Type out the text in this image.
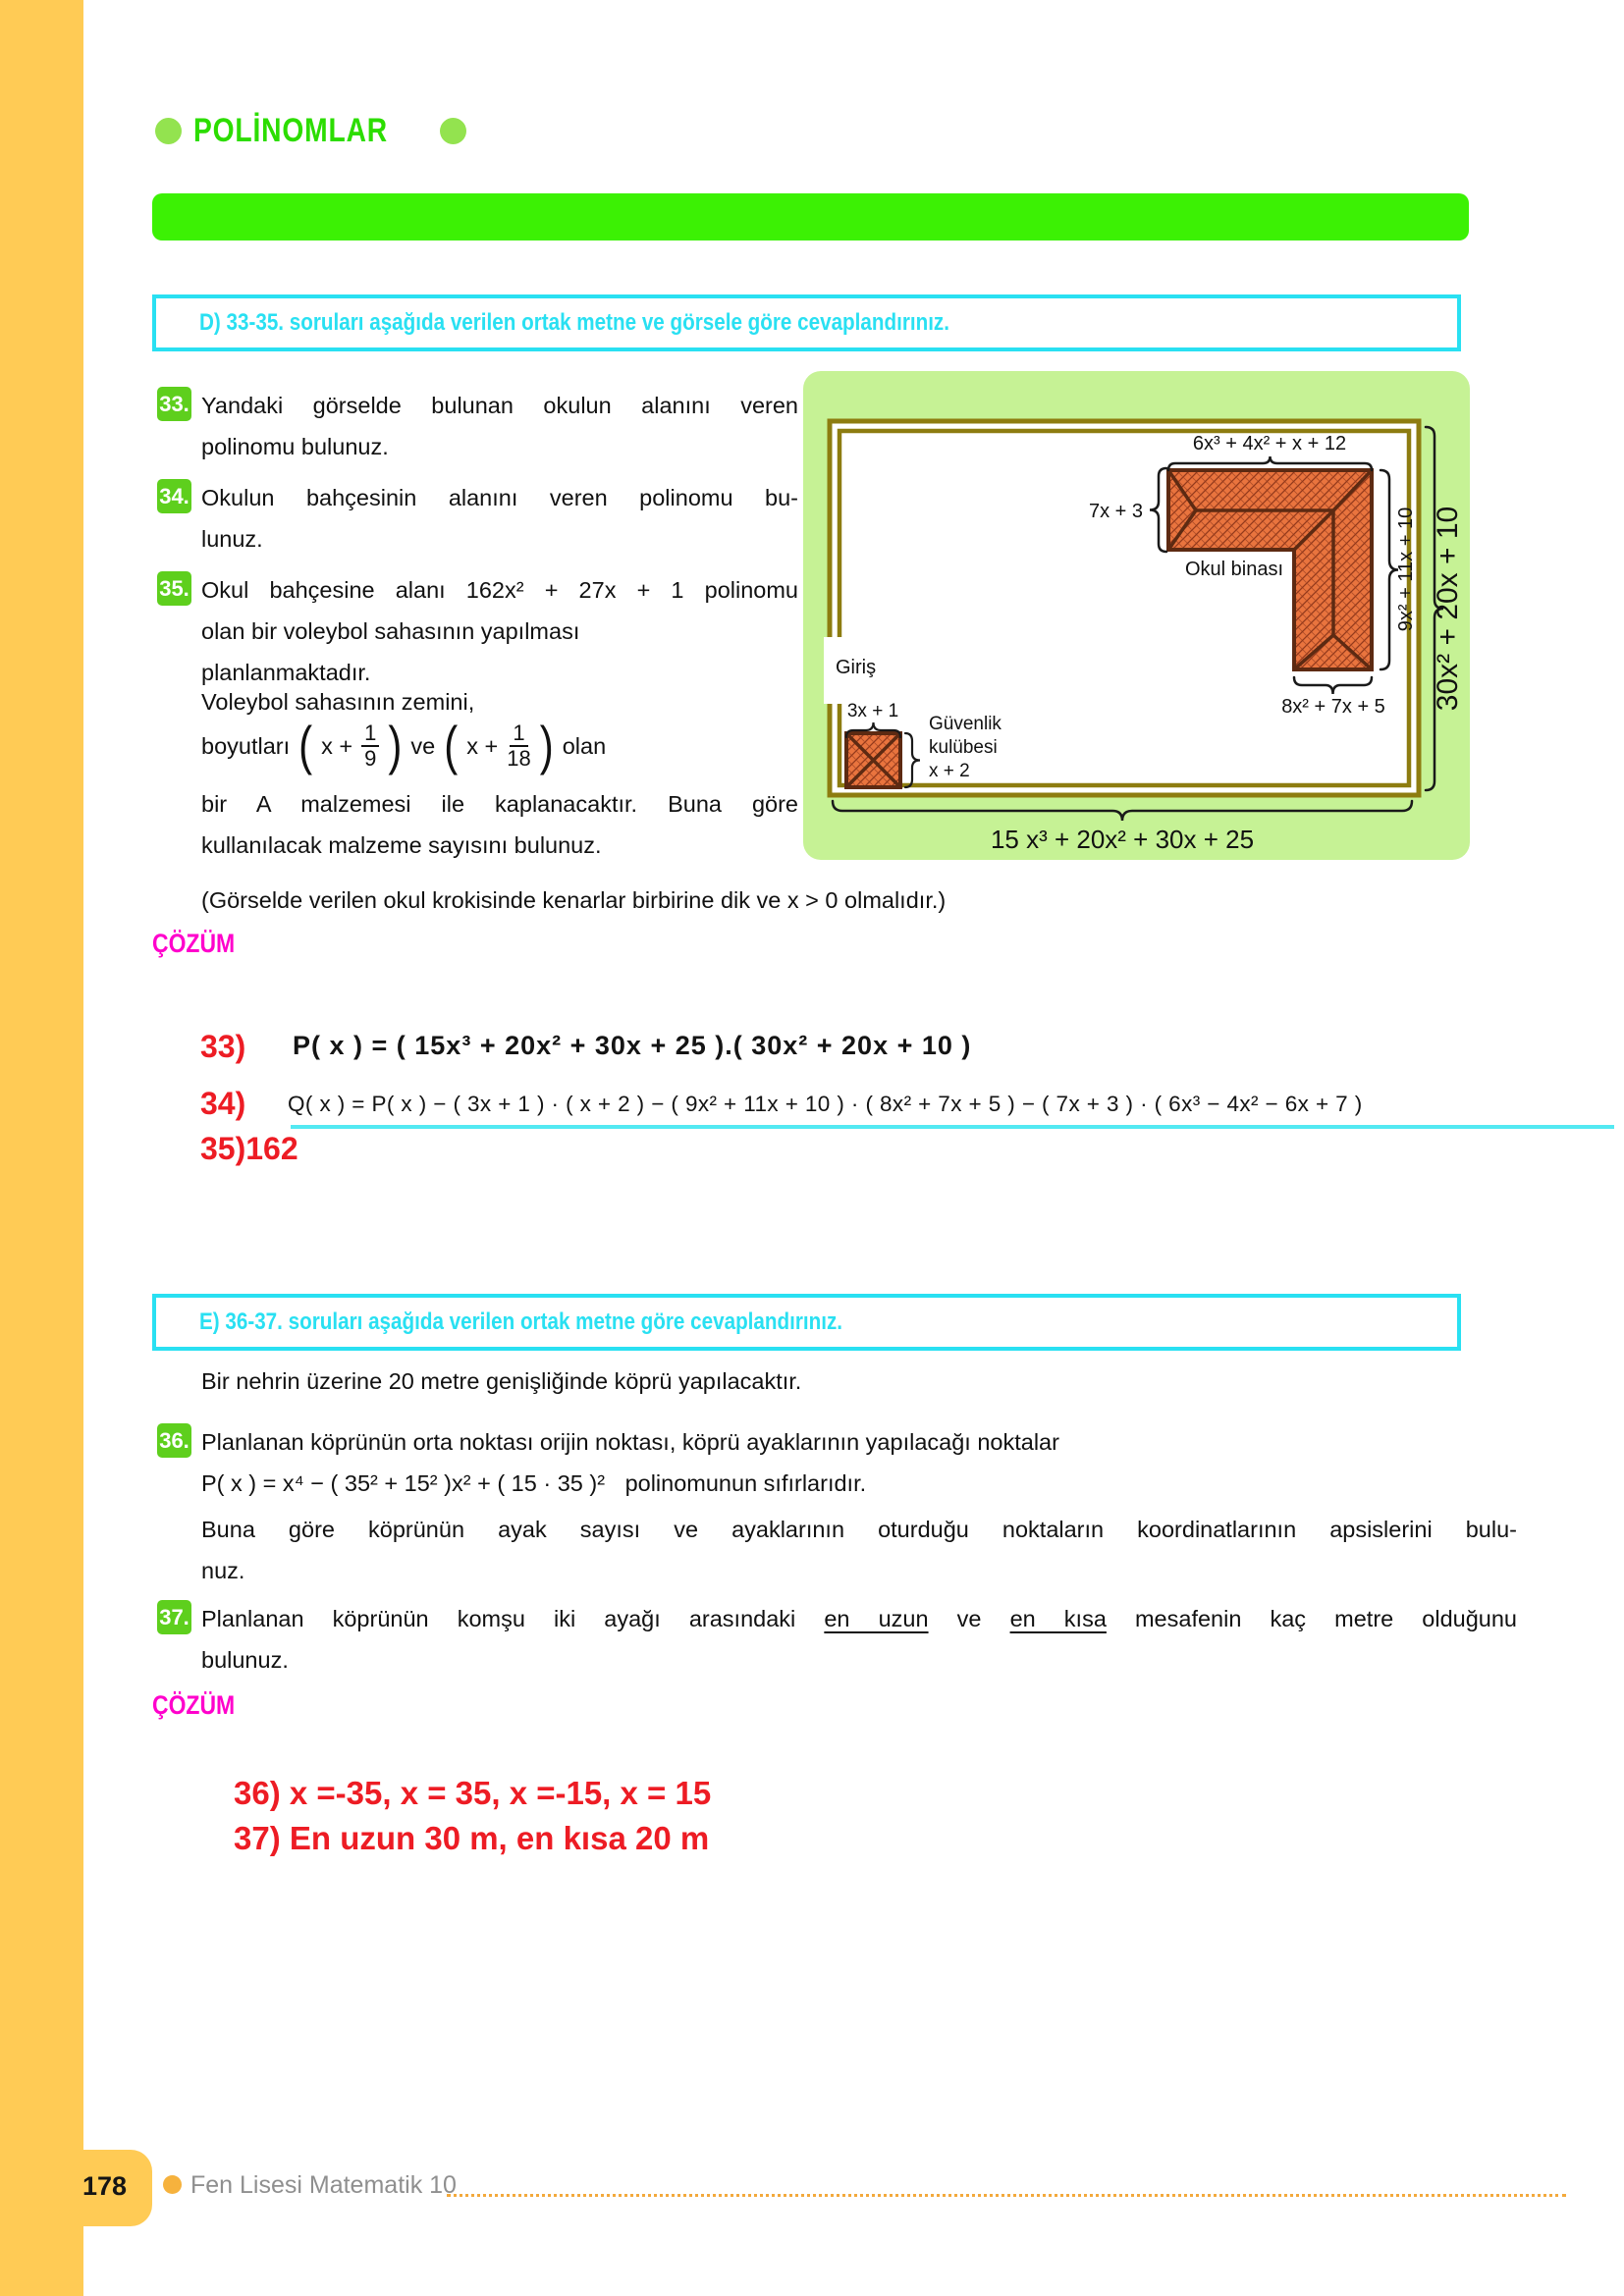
POLİNOMLAR
D) 33-35. soruları aşağıda verilen ortak metne ve görsele göre cevaplandırınız.
33. Yandaki görselde bulunan okulun alanını veren
polinomu bulunuz.
34. Okulun bahçesinin alanını veren polinomu bu-
lunuz.
35. Okul bahçesine alanı 162x² + 27x + 1 polinomu
olan bir voleybol sahasının yapılması
planlanmaktadır.
Voleybol sahasının zemini,
boyutları ( $x + \frac{1}{9}$ ) ve ( $x + \frac{1}{18}$ ) olan
bir A malzemesi ile kaplanacaktır. Buna göre
kullanılacak malzeme sayısını bulunuz.
(Görselde verilen okul krokisinde kenarlar birbirine dik ve x > 0 olmalıdır.)
ÇÖZÜM
33) P( x ) = ( 15x³ + 20x² + 30x + 25 ).( 30x² + 20x + 10 )
34) Q( x ) = P( x ) − ( 3x + 1 ) · ( x + 2 ) − ( 9x² + 11x + 10 ) · ( 8x² + 7x + 5 ) − ( 7x + 3 ) · ( 6x³ − 4x² − 6x + 7 )
35)162
6x³ + 4x² + x + 12
7x + 3	9x² + 11x + 10
8x² + 7x + 5
Okul binası
Giriş
3x + 1
Güvenlik
kulübesi
x + 2
30x² + 20x + 10
15 x³ + 20x² + 30x + 25
E) 36-37. soruları aşağıda verilen ortak metne göre cevaplandırınız.
Bir nehrin üzerine 20 metre genişliğinde köprü yapılacaktır.
36. Planlanan köprünün orta noktası orijin noktası, köprü ayaklarının yapılacağı noktalar
P( x ) = x⁴ − ( 35² + 15² )x² + ( 15 · 35 )² polinomunun sıfırlarıdır.
Buna göre köprünün ayak sayısı ve ayaklarının oturduğu noktaların koordinatlarının apsislerini bulu-
nuz.
37. Planlanan köprünün komşu iki ayağı arasındaki en uzun ve en kısa mesafenin kaç metre olduğunu
bulunuz.
ÇÖZÜM
36) x =-35, x = 35, x =-15, x = 15
37) En uzun 30 m, en kısa 20 m
178	Fen Lisesi Matematik 10
